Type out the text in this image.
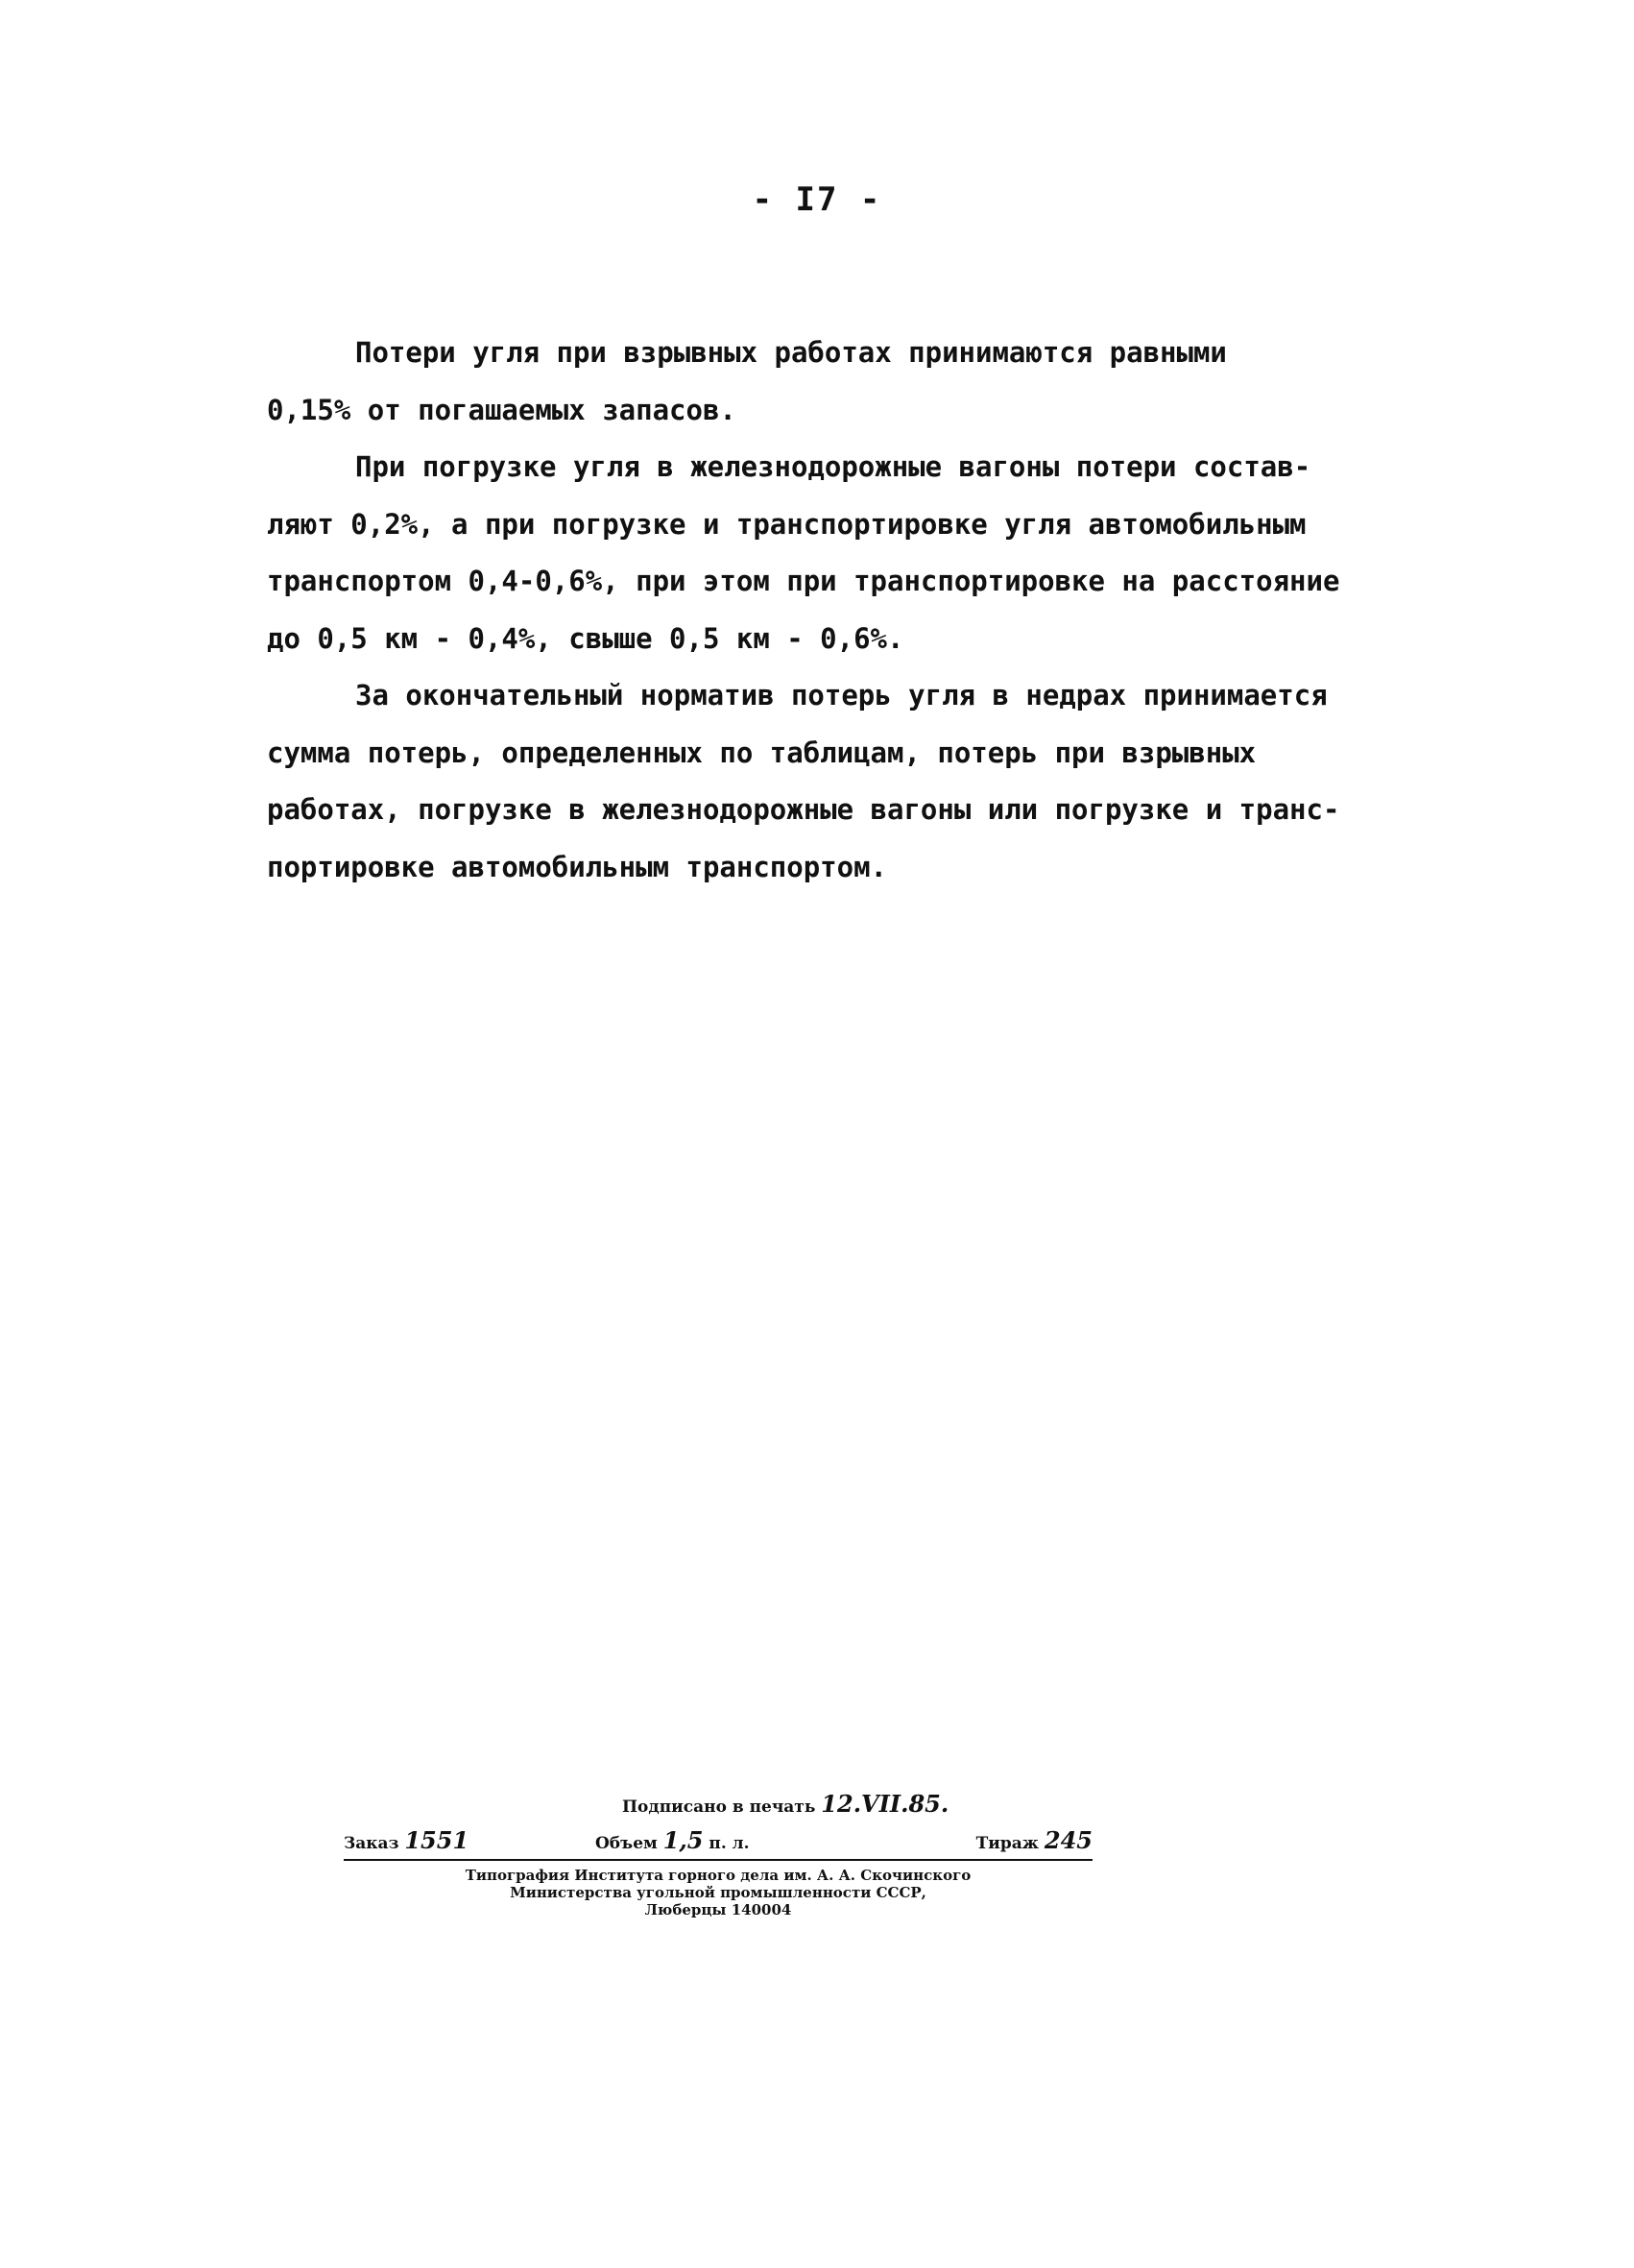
- I7 -
Потери угля при взрывных работах принимаются равными
0,15% от погашаемых запасов.
При погрузке угля в железнодорожные вагоны потери состав-
ляют 0,2%, а при погрузке и транспортировке угля автомобильным
транспортом 0,4-0,6%, при этом при транспортировке на расстояние
до 0,5 км - 0,4%, свыше 0,5 км - 0,6%.
За окончательный норматив потерь угля в недрах принимается
сумма потерь, определенных по таблицам, потерь при взрывных
работах, погрузке в железнодорожные вагоны или погрузке и транс-
портировке автомобильным транспортом.
Подписано в печать 12.VII.85.
Заказ 1551	Объем 1,5 п. л.	Тираж 245
Типография Института горного дела им. А. А. Скочинского
Министерства угольной промышленности СССР,
Люберцы 140004
